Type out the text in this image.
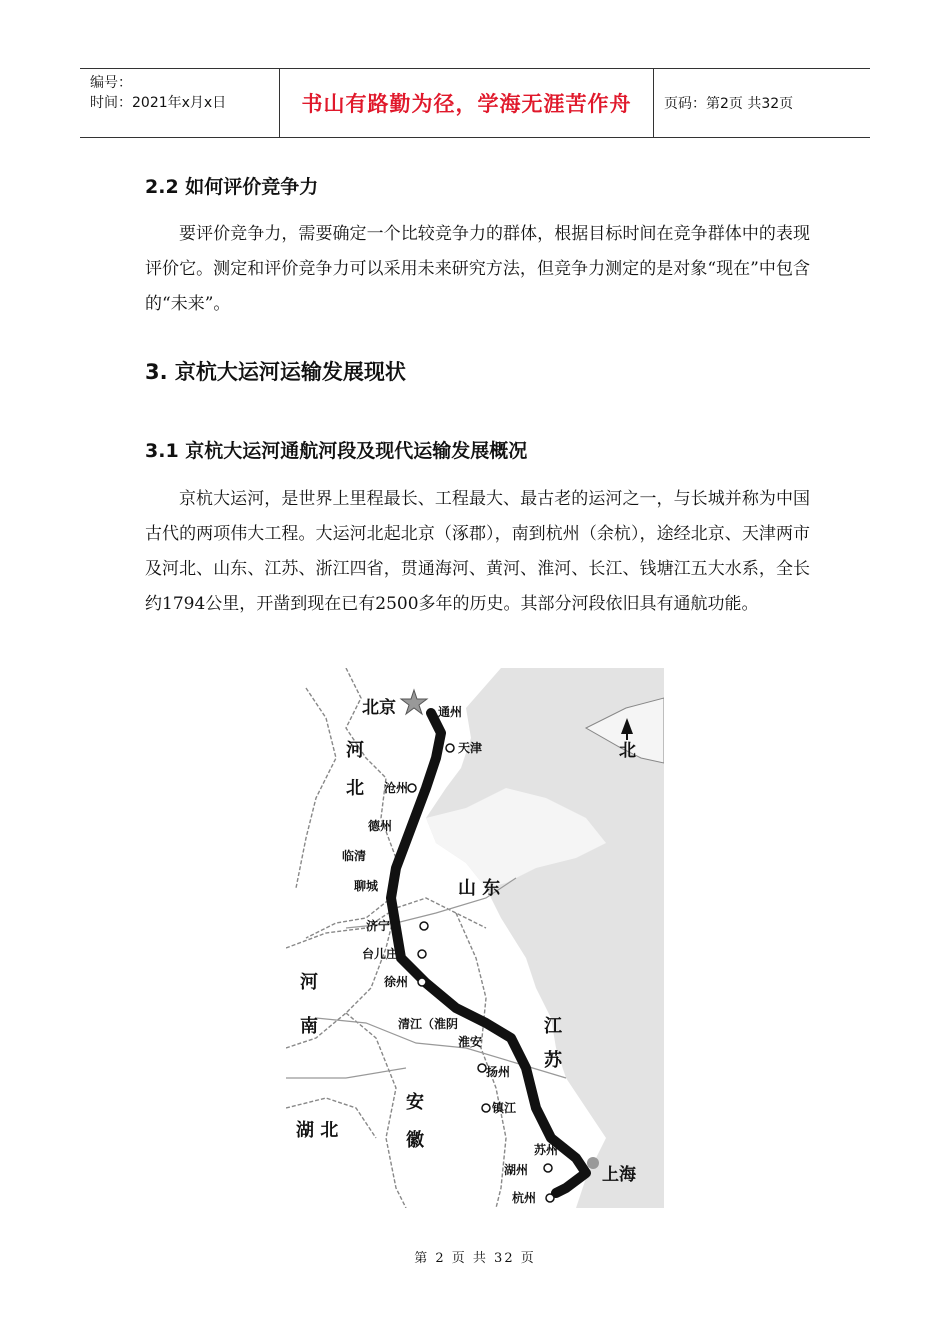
编号：
时间：2021年x月x日	书山有路勤为径，学海无涯苦作舟	页码：第2页 共32页
2.2 如何评价竞争力

要评价竞争力，需要确定一个比较竞争力的群体，根据目标时间在竞争群体中的表现评价它。测定和评价竞争力可以采用未来研究方法，但竞争力测定的是对象“现在”中包含的“未来”。

3. 京杭大运河运输发展现状
3.1 京杭大运河通航河段及现代运输发展概况

京杭大运河，是世界上里程最长、工程最大、最古老的运河之一，与长城并称为中国古代的两项伟大工程。大运河北起北京（涿郡），南到杭州（余杭），途经北京、天津两市及河北、山东、江苏、浙江四省，贯通海河、黄河、淮河、长江、钱塘江五大水系，全长约1794公里，开凿到现在已有2500多年的历史。其部分河段依旧具有通航功能。

北
北京
河
北
山 东
河
南	江
苏
安
徽
湖 北
上海
通州
天津
沧州
德州
临清
聊城
济宁
台儿庄
徐州
清江（淮阴
淮安
扬州
镇江
苏州
湖州
杭州
第 2 页 共 32 页
